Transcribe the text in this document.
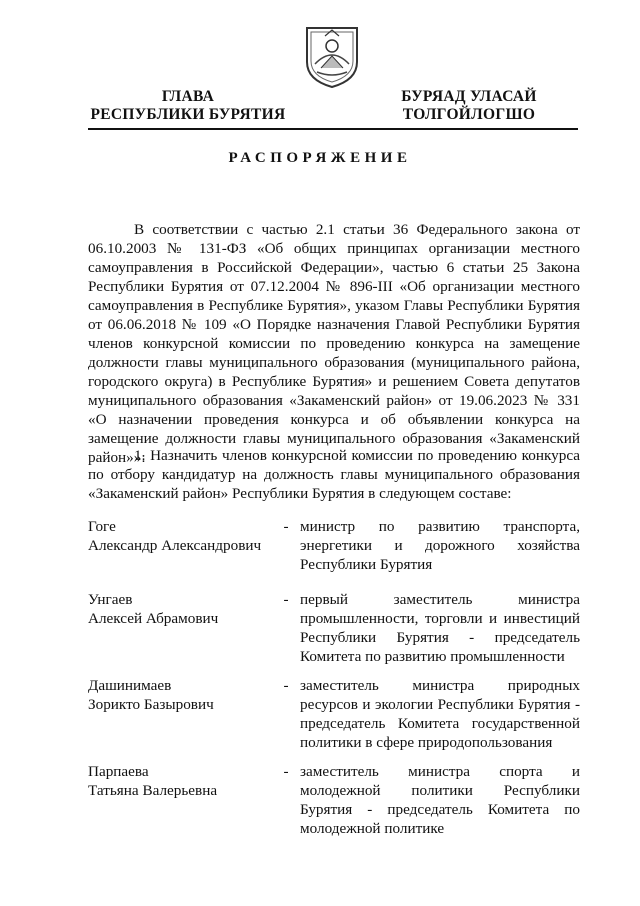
ГЛАВА
РЕСПУБЛИКИ БУРЯТИЯ
БУРЯАД УЛАСАЙ
ТОЛГОЙЛОГШО
РАСПОРЯЖЕНИЕ
В соответствии с частью 2.1 статьи 36 Федерального закона от 06.10.2003 № 131-ФЗ «Об общих принципах организации местного самоуправления в Российской Федерации», частью 6 статьи 25 Закона Республики Бурятия от 07.12.2004 № 896-III «Об организации местного самоуправления в Республике Бурятия», указом Главы Республики Бурятия от 06.06.2018 № 109 «О Порядке назначения Главой Республики Бурятия членов конкурсной комиссии по проведению конкурса на замещение должности главы муниципального образования (муниципального района, городского округа) в Республике Бурятия» и решением Совета депутатов муниципального образования «Закаменский район» от 19.06.2023 № 331 «О назначении проведения конкурса и об объявлении конкурса на замещение должности главы муниципального образования «Закаменский район»»:
1. Назначить членов конкурсной комиссии по проведению конкурса по отбору кандидатур на должность главы муниципального образования «Закаменский район» Республики Бурятия в следующем составе:
Гоге
Александр Александрович
- министр по развитию транспорта, энергетики и дорожного хозяйства Республики Бурятия
Унгаев
Алексей Абрамович
- первый заместитель министра промышленности, торговли и инвестиций Республики Бурятия - председатель Комитета по развитию промышленности
Дашинимаев
Зорикто Базырович
- заместитель министра природных ресурсов и экологии Республики Бурятия - председатель Комитета государственной политики в сфере природопользования
Парпаева
Татьяна Валерьевна
- заместитель министра спорта и молодежной политики Республики Бурятия - председатель Комитета по молодежной политике
